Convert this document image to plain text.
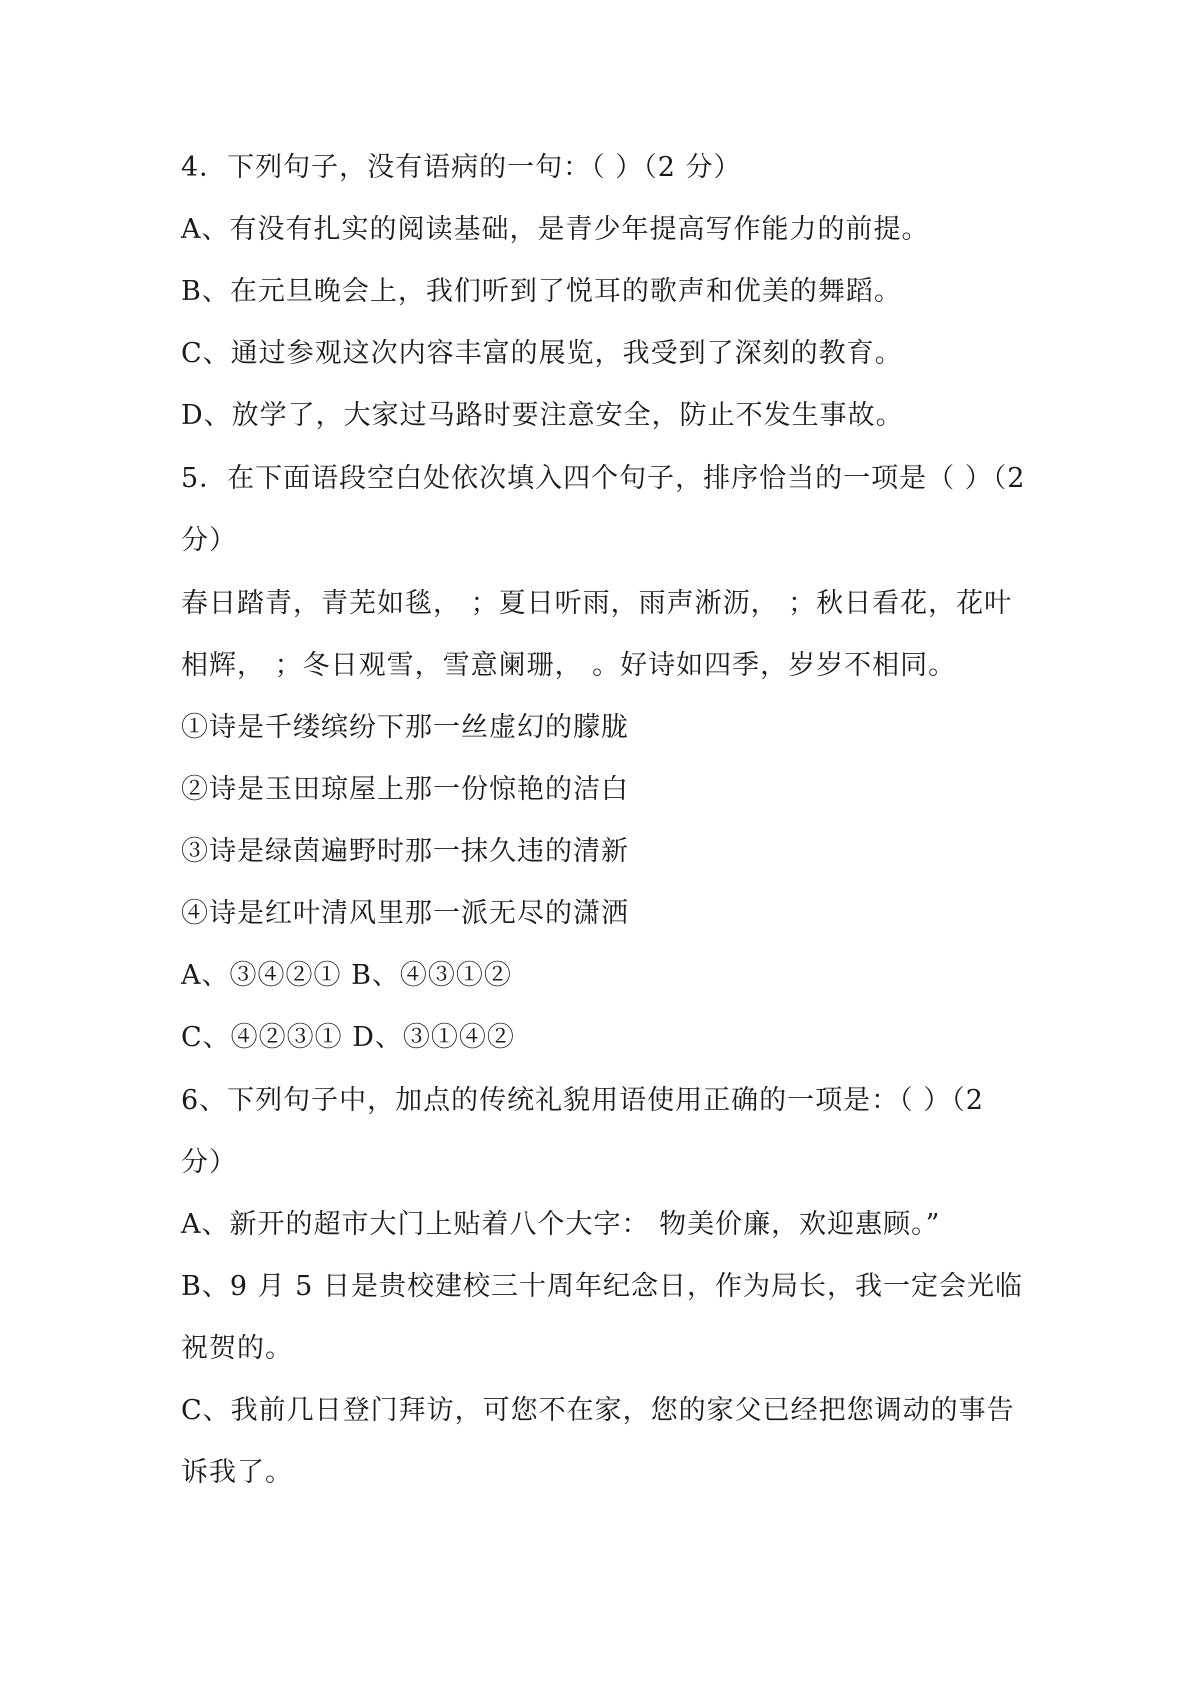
4．下列句子，没有语病的一句：（ ）（2 分）
A、有没有扎实的阅读基础，是青少年提高写作能力的前提。
B、在元旦晚会上，我们听到了悦耳的歌声和优美的舞蹈。
C、通过参观这次内容丰富的展览，我受到了深刻的教育。
D、放学了，大家过马路时要注意安全，防止不发生事故。
5．在下面语段空白处依次填入四个句子，排序恰当的一项是（ ）（2
分）
春日踏青，青芜如毯， ；夏日听雨，雨声淅沥， ；秋日看花，花叶
相辉， ；冬日观雪，雪意阑珊， 。好诗如四季，岁岁不相同。
①诗是千缕缤纷下那一丝虚幻的朦胧
②诗是玉田琼屋上那一份惊艳的洁白
③诗是绿茵遍野时那一抹久违的清新
④诗是红叶清风里那一派无尽的潇洒
A、③④②① B、④③①②
C、④②③① D、③①④②
6、下列句子中，加点的传统礼貌用语使用正确的一项是：（ ）（2
分）
A、新开的超市大门上贴着八个大字： 物美价廉，欢迎惠顾。”
B、9 月 5 日是贵校建校三十周年纪念日，作为局长，我一定会光临
祝贺的。
C、我前几日登门拜访，可您不在家，您的家父已经把您调动的事告
诉我了。
